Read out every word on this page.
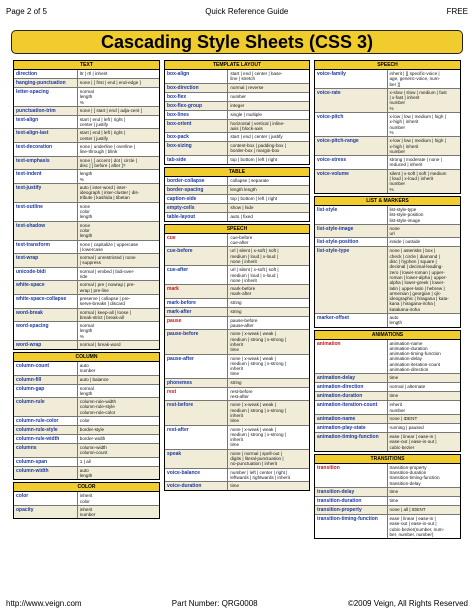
Page 2 of 5	Quick Reference Guide	FREE
Cascading Style Sheets (CSS 3)
TEXT
direction	ltr | rtl | inherit
hanging-punctuation	none | [ first | end | end-edge ]
letter-spacing	normal
length
%
punctuation-trim	none | [ start | end | adja-cent ]
text-align	start | end | left | right |
center | justify
text-align-last	start | end | left | right |
center | justify
text-decoration	none | underline | overline |
line-through | blink
text-emphasis	none | [ accent | dot | circle |
disc ] [ before | after ]?
text-indent	length
%
text-justify	auto | inter-word | inter-
ideograph | inter-cluster | dis-
tribute | kashida | tibetan
text-outline	none
color
length
text-shadow	none
color
length
text-transform	none | capitalize | uppercase
| lowercase
text-wrap	normal | unrestricted | none
| suppress
unicode-bidi	normal | embed | bidi-over-
ride
white-space	normal | pre | nowrap | pre-
wrap | pre-line
white-space-collapse	preserve | collapse | pre-
serve-breaks | discard
word-break	normal | keep-all | loose |
break-strict | break-all
word-spacing	normal
length
%
word-wrap	normal | break-word
COLUMN
column-count	auto
number
column-fill	auto | balance
column-gap	normal
length
column-rule	column-rule-width
column-rule-style
column-rule-color
column-rule-color	color
column-rule-style	border-style
column-rule-width	border-width
columns	column-width
column-count
column-span	1 | all
column-width	auto
length
COLOR
color	inherit
color
opacity	inherit
number
TEMPLATE LAYOUT
box-align	start | end | center | base-
line | stretch
box-direction	normal | reverse
box-flex	number
box-flex-group	integer
box-lines	single | multiple
box-orient	horizontal | vertical | inline-
axis | block-axis
box-pack	start | end | center | justify
box-sizing	content-box | padding-box |
border-box | margin-box
tab-side	top | bottom | left | right
TABLE
border-collapse	collapse | separate
border-spacing	length length
caption-side	top | bottom | left | right
empty-cells	show | hide
table-layout	auto | fixed
SPEECH
cue	cue-before
cue-after
cue-before	url | silent | x-soft | soft |
medium | loud | x-loud |
none | inherit
cue-after	url | silent | x-soft | soft |
medium | loud | x-loud |
none | inherit
mark	mark-before
mark-after
mark-before	string
mark-after	string
pause	pause-before
pause-after
pause-before	none | x-weak | weak |
medium | strong | x-strong |
inherit
time
pause-after	none | x-weak | weak |
medium | strong | x-strong |
inherit
time
phonemes	string
rest	rest-before
rest-after
rest-before	none | x-weak | weak |
medium | strong | x-strong |
inherit
time
rest-after	none | x-weak | weak |
medium | strong | x-strong |
inherit
time
speak	none | normal | spell-out |
digits | literal-punctuation |
no-punctuation | inherit
voice-balance	number | left | center | right |
leftwards | rightwards | inherit
voice-duration	time
SPEECH
voice-family	inherit | [[ specific-voice |
age, generic-voice, num-
ber ]]
voice-rate	x-slow | slow | medium | fast
| x-fast | inherit
number
%
voice-pitch	x-low | low | medium | high |
x-high | inherit
number
%
voice-pitch-range	x-low | low | medium | high |
x-high | inherit
number
voice-stress	strong | moderate | none |
reduced | inherit
voice-volume	silent | x-soft | soft | medium
| loud | x-loud | inherit
number
%
LIST & MARKERS
list-style	list-style-type
list-style-position
list-style-image
list-style-image	none
url
list-style-position	inside | outside
list-style-type	none | asterisks | box |
check | circle | diamond |
disc | hyphen | square |
decimal | decimal-leading-
zero | lower-roman | upper-
roman | lower-alpha | upper-
alpha | lower-greek | lower-
latin | upper-latin | hebrew |
armenian | georgian | cjk-
ideographic | hiragana | kata-
kana | hiragana-iroha |
katakana-iroha
marker-offset	auto
length
ANIMATIONS
animation	animation-name
animation-duration
animation-timing-function
animation-delay
animation-iteration-count
animation-direction
animation-delay	time
animation-direction	normal | alternate
animation-duration	time
animation-iteration-count	inherit
number
animation-name	none | IDENT
animation-play-state	running | paused
animation-timing-function	ease | linear | ease-in |
ease-out | ease-in-out |
cubic-bezier
TRANSITIONS
transition	transition-property
transition-duration
transition-timing-function
transition-delay
transition-delay	time
transition-duration	time
transition-property	none | all | IDENT
transition-timing-function	ease | linear | ease-in |
ease-out | ease-in-out |
cubic-bezier(number, num-
ber, number, number)
http://www.veign.com	Part Number: QRG0008	©2009 Veign, All Rights Reserved
